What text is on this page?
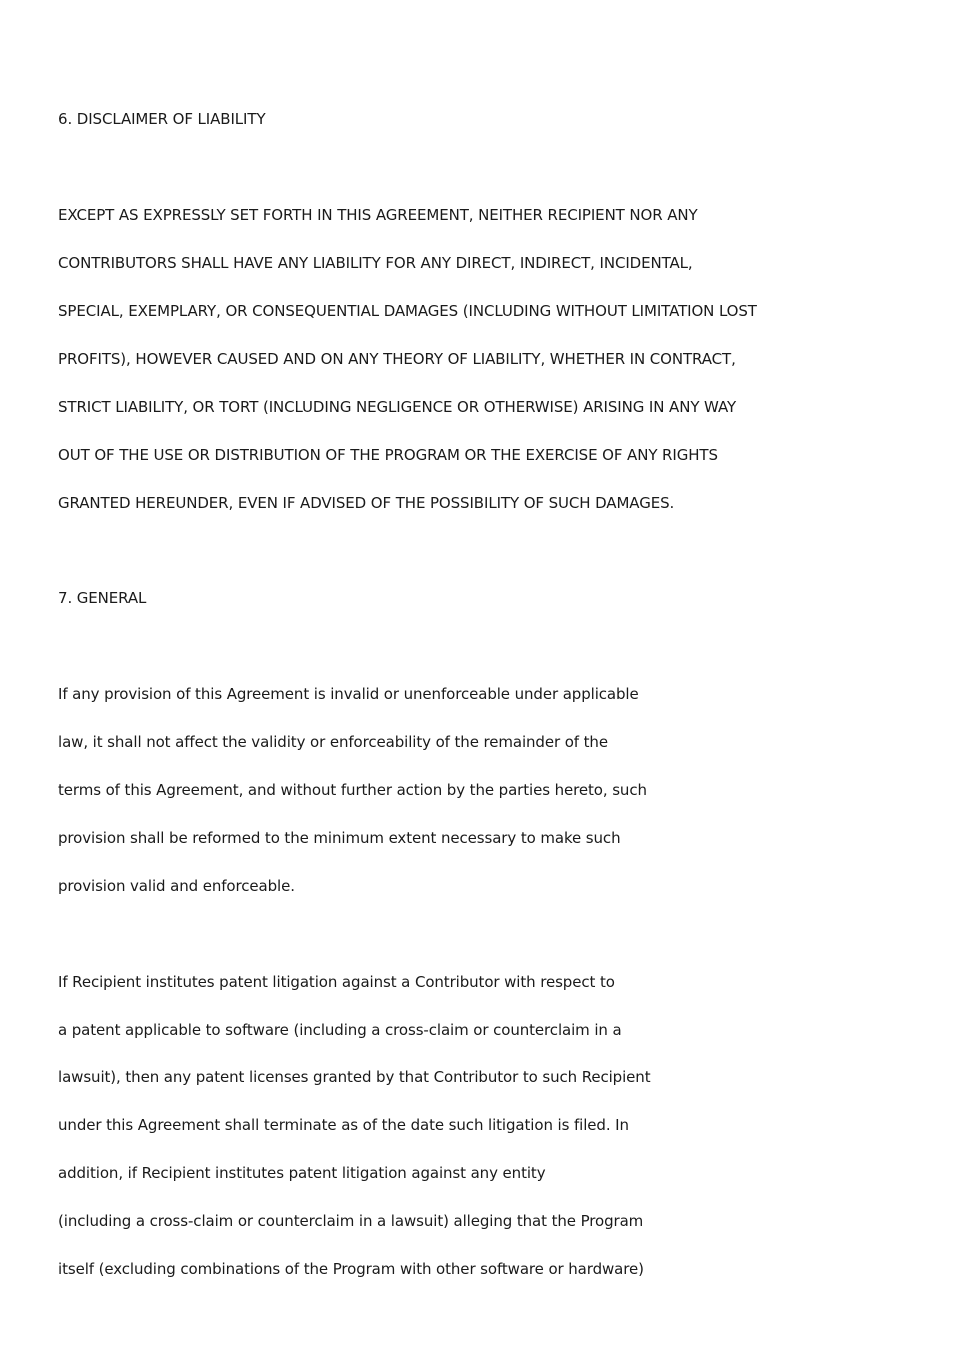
6. DISCLAIMER OF LIABILITY
EXCEPT AS EXPRESSLY SET FORTH IN THIS AGREEMENT, NEITHER RECIPIENT NOR ANY
CONTRIBUTORS SHALL HAVE ANY LIABILITY FOR ANY DIRECT, INDIRECT, INCIDENTAL,
SPECIAL, EXEMPLARY, OR CONSEQUENTIAL DAMAGES (INCLUDING WITHOUT LIMITATION LOST
PROFITS), HOWEVER CAUSED AND ON ANY THEORY OF LIABILITY, WHETHER IN CONTRACT,
STRICT LIABILITY, OR TORT (INCLUDING NEGLIGENCE OR OTHERWISE) ARISING IN ANY WAY
OUT OF THE USE OR DISTRIBUTION OF THE PROGRAM OR THE EXERCISE OF ANY RIGHTS
GRANTED HEREUNDER, EVEN IF ADVISED OF THE POSSIBILITY OF SUCH DAMAGES.
7. GENERAL
If any provision of this Agreement is invalid or unenforceable under applicable
law, it shall not affect the validity or enforceability of the remainder of the
terms of this Agreement, and without further action by the parties hereto, such
provision shall be reformed to the minimum extent necessary to make such
provision valid and enforceable.
If Recipient institutes patent litigation against a Contributor with respect to
a patent applicable to software (including a cross-claim or counterclaim in a
lawsuit), then any patent licenses granted by that Contributor to such Recipient
under this Agreement shall terminate as of the date such litigation is filed. In
addition, if Recipient institutes patent litigation against any entity
(including a cross-claim or counterclaim in a lawsuit) alleging that the Program
itself (excluding combinations of the Program with other software or hardware)
